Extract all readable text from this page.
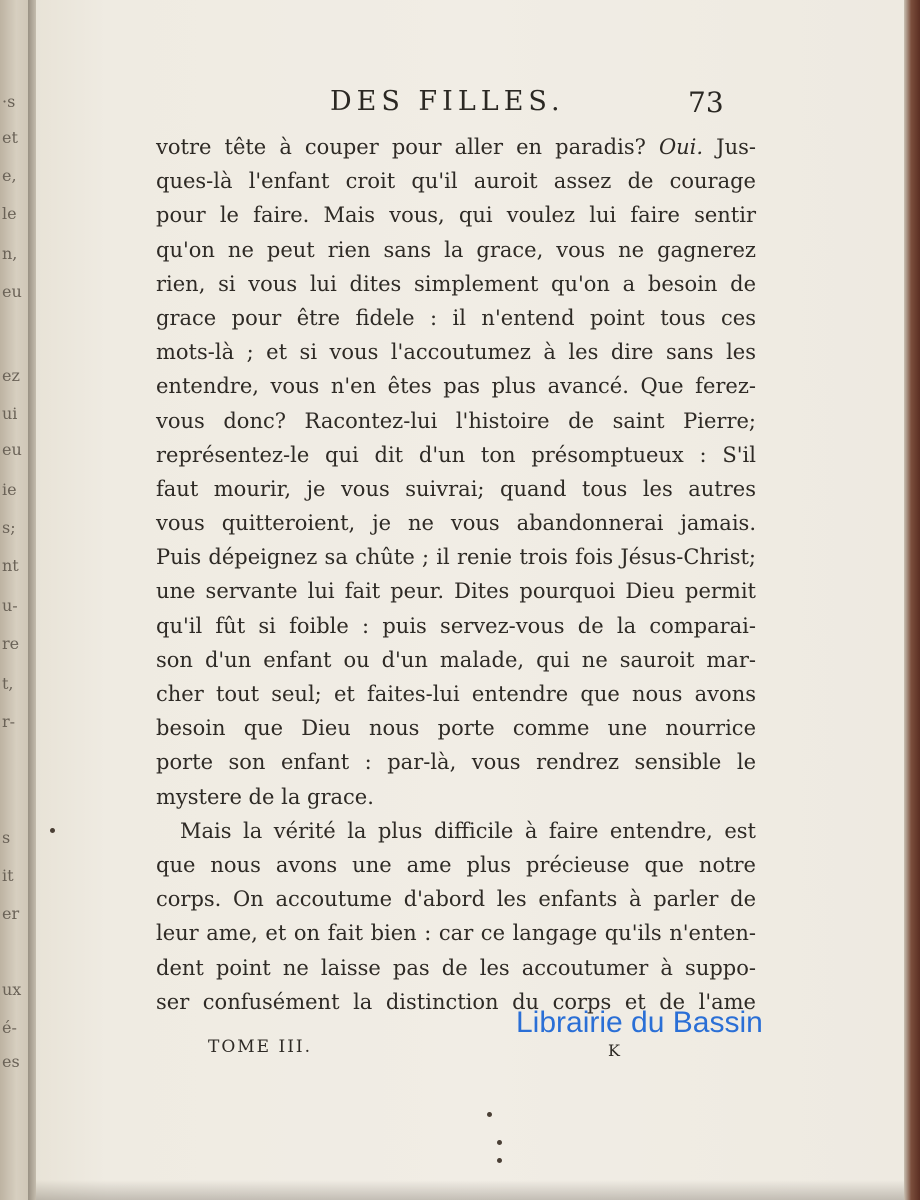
·s
et
e,
le
n,
eu
ez
ui
eu
ie
s;
nt
u-
re
t,
r-
s
it
er
ux
é-
es
DES FILLES.	73
votre tête à couper pour aller en paradis? Oui. Jus-
ques-là l'enfant croit qu'il auroit assez de courage
pour le faire. Mais vous, qui voulez lui faire sentir
qu'on ne peut rien sans la grace, vous ne gagnerez
rien, si vous lui dites simplement qu'on a besoin de
grace pour être fidele : il n'entend point tous ces
mots-là ; et si vous l'accoutumez à les dire sans les
entendre, vous n'en êtes pas plus avancé. Que ferez-
vous donc? Racontez-lui l'histoire de saint Pierre;
représentez-le qui dit d'un ton présomptueux : S'il
faut mourir, je vous suivrai; quand tous les autres
vous quitteroient, je ne vous abandonnerai jamais.
Puis dépeignez sa chûte ; il renie trois fois Jésus-Christ;
une servante lui fait peur. Dites pourquoi Dieu permit
qu'il fût si foible : puis servez-vous de la comparai-
son d'un enfant ou d'un malade, qui ne sauroit mar-
cher tout seul; et faites-lui entendre que nous avons
besoin que Dieu nous porte comme une nourrice
porte son enfant : par-là, vous rendrez sensible le
mystere de la grace.
Mais la vérité la plus difficile à faire entendre, est
que nous avons une ame plus précieuse que notre
corps. On accoutume d'abord les enfants à parler de
leur ame, et on fait bien : car ce langage qu'ils n'enten-
dent point ne laisse pas de les accoutumer à suppo-
ser confusément la distinction du corps et de l'ame
TOME III.	K
Librairie du Bassin
